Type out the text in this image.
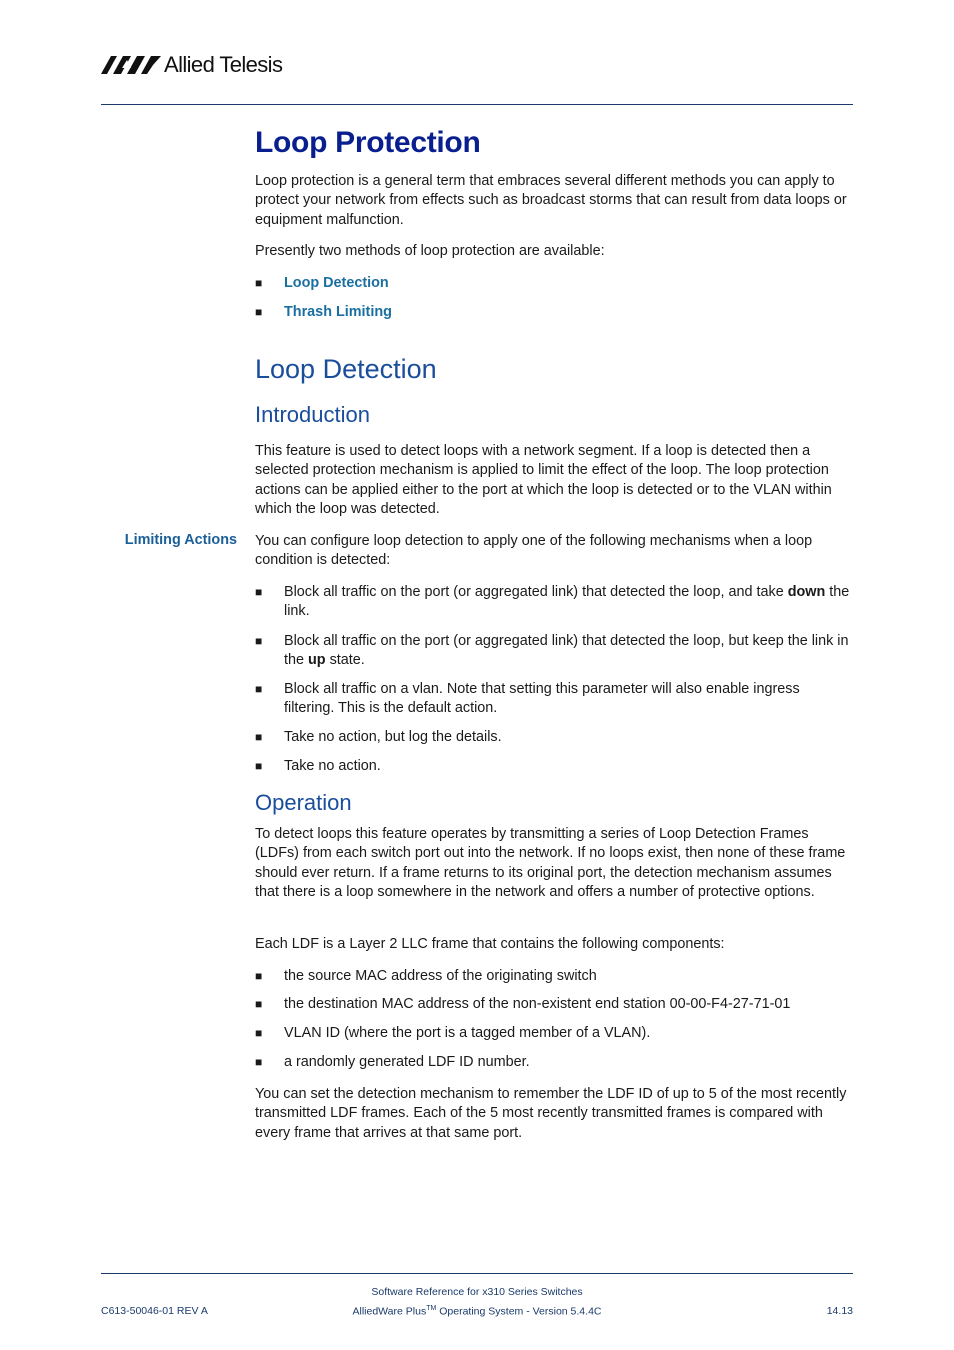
Allied Telesis
Loop Protection

Loop protection is a general term that embraces several different methods you can apply to protect your network from effects such as broadcast storms that can result from data loops or equipment malfunction.

Presently two methods of loop protection are available:

■	Loop Detection
■	Thrash Limiting
Loop Detection
Introduction

This feature is used to detect loops with a network segment. If a loop is detected then a selected protection mechanism is applied to limit the effect of the loop. The loop protection actions can be applied either to the port at which the loop is detected or to the VLAN within which the loop was detected.

Limiting Actions You can configure loop detection to apply one of the following mechanisms when a loop condition is detected:

■	Block all traffic on the port (or aggregated link) that detected the loop, and take down the link.
■	Block all traffic on the port (or aggregated link) that detected the loop, but keep the link in the up state.
■	Block all traffic on a vlan. Note that setting this parameter will also enable ingress filtering. This is the default action.
■	Take no action, but log the details.
■	Take no action.
Operation

To detect loops this feature operates by transmitting a series of Loop Detection Frames (LDFs) from each switch port out into the network. If no loops exist, then none of these frame should ever return. If a frame returns to its original port, the detection mechanism assumes that there is a loop somewhere in the network and offers a number of protective options.

Each LDF is a Layer 2 LLC frame that contains the following components:

■	the source MAC address of the originating switch
■	the destination MAC address of the non-existent end station 00-00-F4-27-71-01
■	VLAN ID (where the port is a tagged member of a VLAN).
■	a randomly generated LDF ID number.

You can set the detection mechanism to remember the LDF ID of up to 5 of the most recently transmitted LDF frames. Each of the 5 most recently transmitted frames is compared with every frame that arrives at that same port.

Software Reference for x310 Series Switches
C613-50046-01 REV A	AlliedWare Plus™ Operating System - Version 5.4.4C	14.13
